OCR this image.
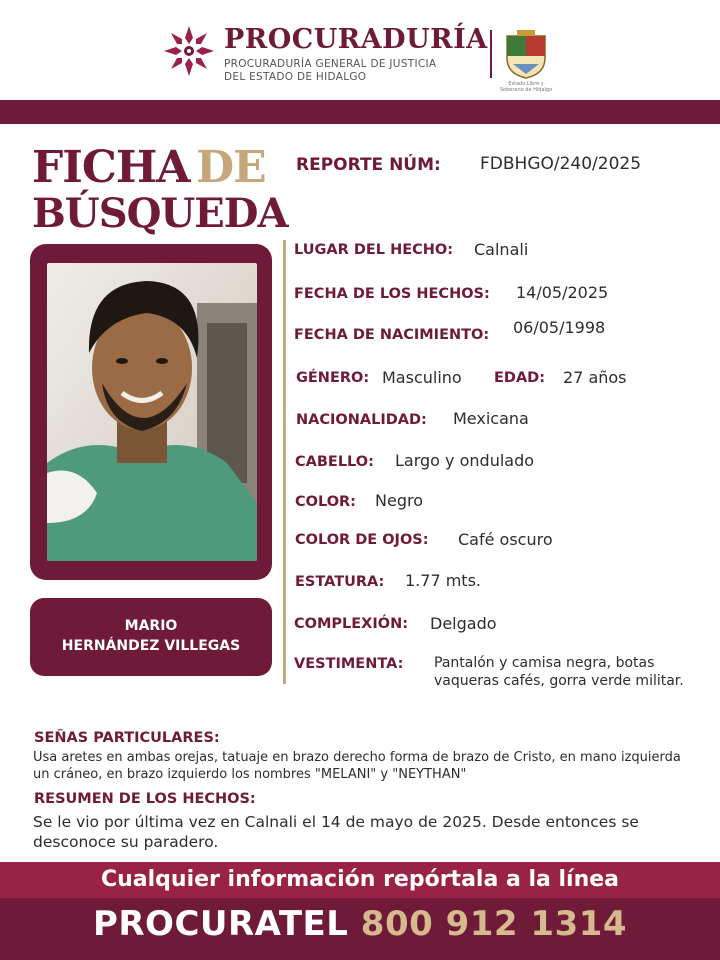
PROCURADURÍA
PROCURADURÍA GENERAL DE JUSTICIA
DEL ESTADO DE HIDALGO
Estado Libre y Soberano de Hidalgo
FICHA DE
BÚSQUEDA
REPORTE NÚM: FDBHGO/240/2025
MARIO
HERNÁNDEZ VILLEGAS
LUGAR DEL HECHO: Calnali
FECHA DE LOS HECHOS: 14/05/2025
FECHA DE NACIMIENTO: 06/05/1998
GÉNERO: Masculino EDAD: 27 años
NACIONALIDAD: Mexicana
CABELLO: Largo y ondulado
COLOR: Negro
COLOR DE OJOS: Café oscuro
ESTATURA: 1.77 mts.
COMPLEXIÓN: Delgado
VESTIMENTA: Pantalón y camisa negra, botas vaqueras cafés, gorra verde militar.
SEÑAS PARTICULARES:
Usa aretes en ambas orejas, tatuaje en brazo derecho forma de brazo de Cristo, en mano izquierda un cráneo, en brazo izquierdo los nombres "MELANI" y "NEYTHAN"
RESUMEN DE LOS HECHOS:
Se le vio por última vez en Calnali el 14 de mayo de 2025. Desde entonces se desconoce su paradero.
Cualquier información repórtala a la línea
PROCURATEL 800 912 1314
